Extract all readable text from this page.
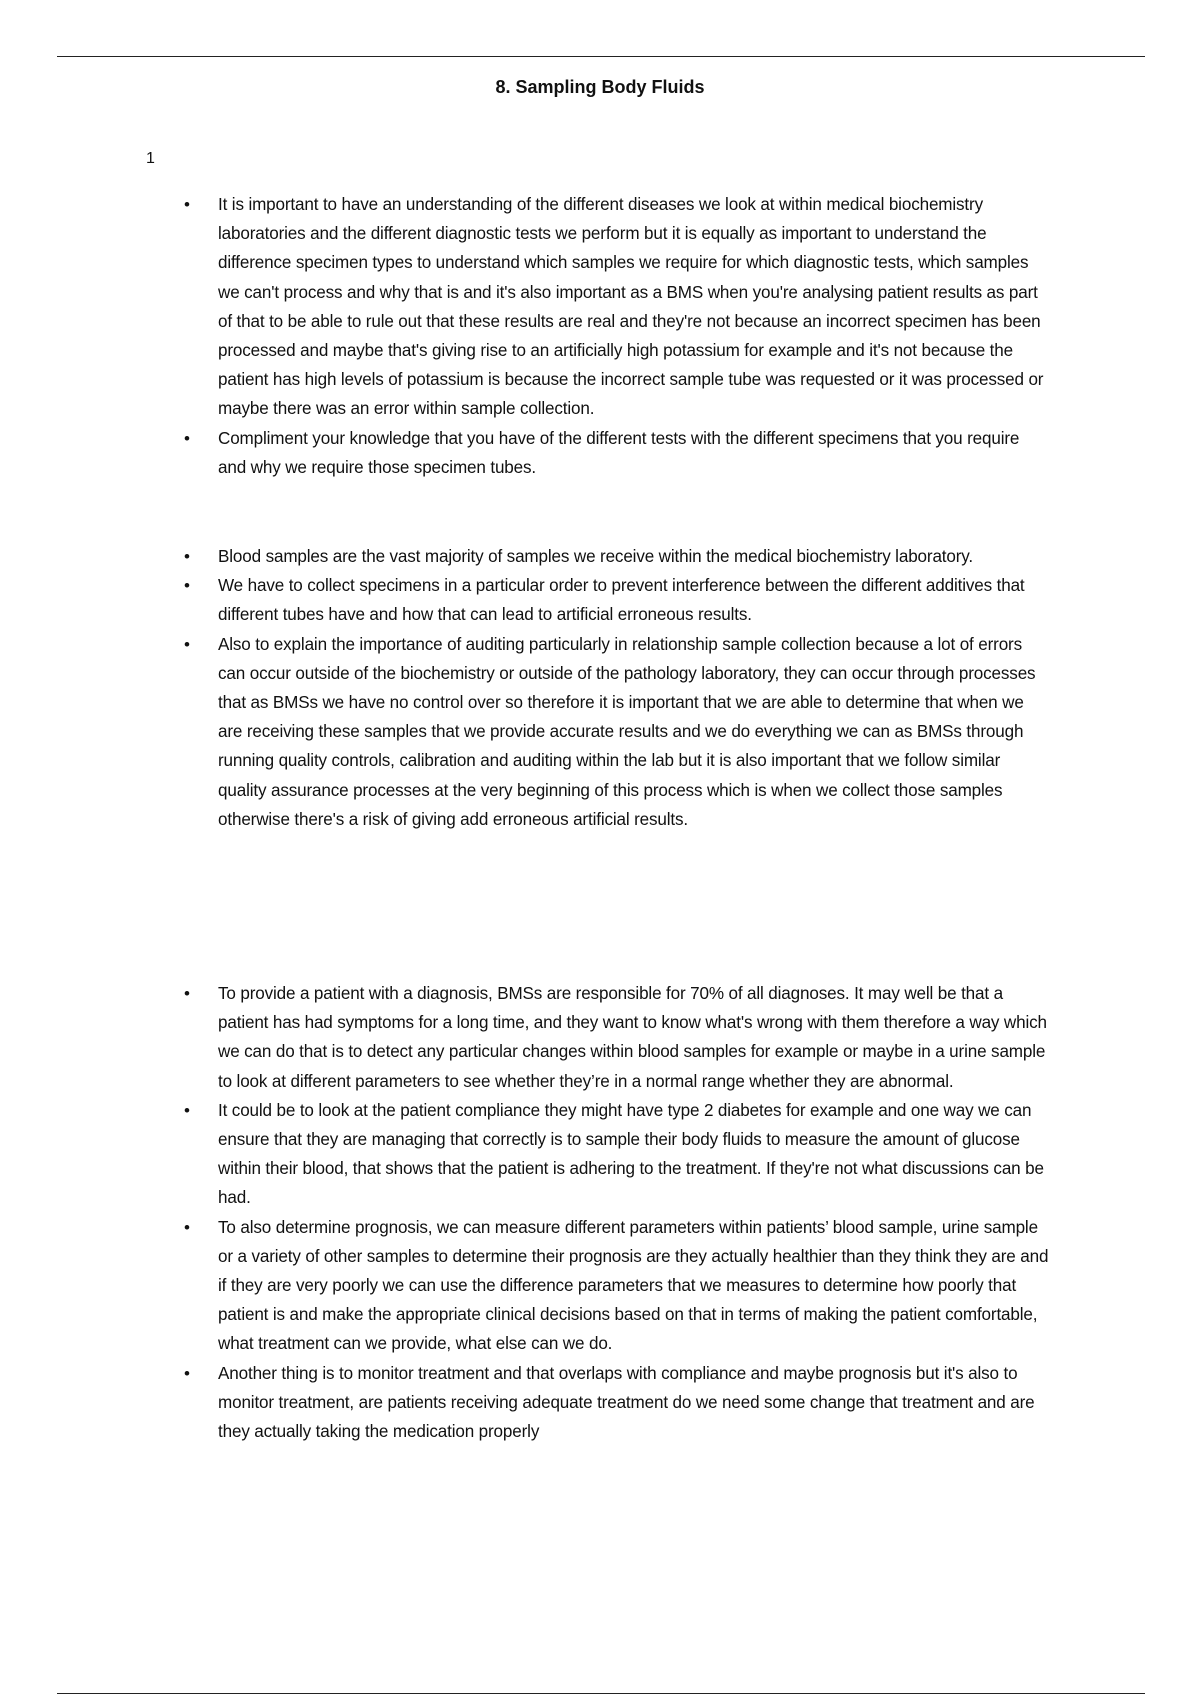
8. Sampling Body Fluids
1
• It is important to have an understanding of the different diseases we look at within medical biochemistry laboratories and the different diagnostic tests we perform but it is equally as important to understand the difference specimen types to understand which samples we require for which diagnostic tests, which samples we can't process and why that is and it's also important as a BMS when you're analysing patient results as part of that to be able to rule out that these results are real and they're not because an incorrect specimen has been processed and maybe that's giving rise to an artificially high potassium for example and it's not because the patient has high levels of potassium is because the incorrect sample tube was requested or it was processed or maybe there was an error within sample collection.
• Compliment your knowledge that you have of the different tests with the different specimens that you require and why we require those specimen tubes.
• Blood samples are the vast majority of samples we receive within the medical biochemistry laboratory.
• We have to collect specimens in a particular order to prevent interference between the different additives that different tubes have and how that can lead to artificial erroneous results.
• Also to explain the importance of auditing particularly in relationship sample collection because a lot of errors can occur outside of the biochemistry or outside of the pathology laboratory, they can occur through processes that as BMSs we have no control over so therefore it is important that we are able to determine that when we are receiving these samples that we provide accurate results and we do everything we can as BMSs through running quality controls, calibration and auditing within the lab but it is also important that we follow similar quality assurance processes at the very beginning of this process which is when we collect those samples otherwise there's a risk of giving add erroneous artificial results.
• To provide a patient with a diagnosis, BMSs are responsible for 70% of all diagnoses. It may well be that a patient has had symptoms for a long time, and they want to know what's wrong with them therefore a way which we can do that is to detect any particular changes within blood samples for example or maybe in a urine sample to look at different parameters to see whether they’re in a normal range whether they are abnormal.
• It could be to look at the patient compliance they might have type 2 diabetes for example and one way we can ensure that they are managing that correctly is to sample their body fluids to measure the amount of glucose within their blood, that shows that the patient is adhering to the treatment. If they're not what discussions can be had.
• To also determine prognosis, we can measure different parameters within patients’ blood sample, urine sample or a variety of other samples to determine their prognosis are they actually healthier than they think they are and if they are very poorly we can use the difference parameters that we measures to determine how poorly that patient is and make the appropriate clinical decisions based on that in terms of making the patient comfortable, what treatment can we provide, what else can we do.
• Another thing is to monitor treatment and that overlaps with compliance and maybe prognosis but it's also to monitor treatment, are patients receiving adequate treatment do we need some change that treatment and are they actually taking the medication properly
